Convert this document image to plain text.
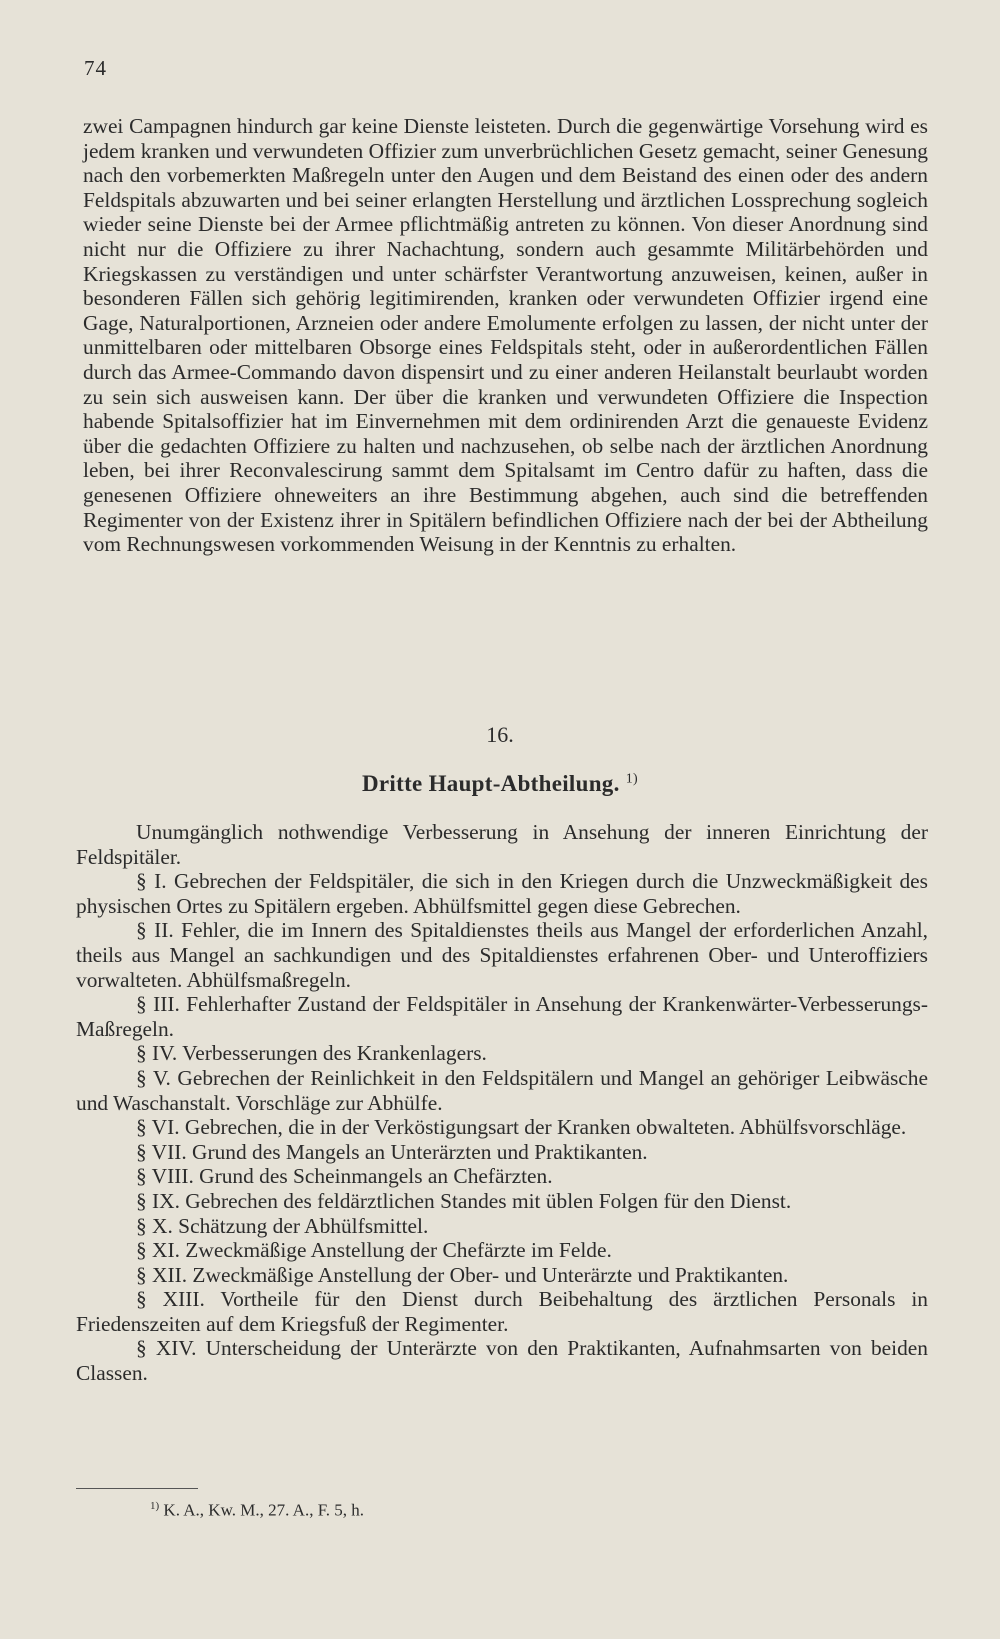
74

zwei Campagnen hindurch gar keine Dienste leisteten. Durch die gegenwärtige Vorsehung wird es jedem kranken und verwundeten Offizier zum unverbrüchlichen Gesetz gemacht, seiner Genesung nach den vorbemerkten Maßregeln unter den Augen und dem Beistand des einen oder des andern Feldspitals abzuwarten und bei seiner erlangten Herstellung und ärztlichen Lossprechung sogleich wieder seine Dienste bei der Armee pflichtmäßig antreten zu können. Von dieser Anordnung sind nicht nur die Offiziere zu ihrer Nachachtung, sondern auch gesammte Militärbehörden und Kriegskassen zu verständigen und unter schärfster Verantwortung anzuweisen, keinen, außer in besonderen Fällen sich gehörig legitimirenden, kranken oder verwundeten Offizier irgend eine Gage, Naturalportionen, Arzneien oder andere Emolumente erfolgen zu lassen, der nicht unter der unmittelbaren oder mittelbaren Obsorge eines Feldspitals steht, oder in außerordentlichen Fällen durch das Armee-Commando davon dispensirt und zu einer anderen Heilanstalt beurlaubt worden zu sein sich ausweisen kann. Der über die kranken und verwundeten Offiziere die Inspection habende Spitalsoffizier hat im Einvernehmen mit dem ordinirenden Arzt die genaueste Evidenz über die gedachten Offiziere zu halten und nachzusehen, ob selbe nach der ärztlichen Anordnung leben, bei ihrer Reconvalescirung sammt dem Spitalsamt im Centro dafür zu haften, dass die genesenen Offiziere ohneweiters an ihre Bestimmung abgehen, auch sind die betreffenden Regimenter von der Existenz ihrer in Spitälern befindlichen Offiziere nach der bei der Abtheilung vom Rechnungswesen vorkommenden Weisung in der Kenntnis zu erhalten.

16.
Dritte Haupt-Abtheilung. $^{1)}$

Unumgänglich nothwendige Verbesserung in Ansehung der inneren Einrichtung der Feldspitäler.

§ I. Gebrechen der Feldspitäler, die sich in den Kriegen durch die Unzweckmäßigkeit des physischen Ortes zu Spitälern ergeben. Abhülfsmittel gegen diese Gebrechen.

§ II. Fehler, die im Innern des Spitaldienstes theils aus Mangel der erforderlichen Anzahl, theils aus Mangel an sachkundigen und des Spitaldienstes erfahrenen Ober- und Unteroffiziers vorwalteten. Abhülfsmaßregeln.

§ III. Fehlerhafter Zustand der Feldspitäler in Ansehung der Krankenwärter-Verbesserungs-Maßregeln.

§ IV. Verbesserungen des Krankenlagers.

§ V. Gebrechen der Reinlichkeit in den Feldspitälern und Mangel an gehöriger Leibwäsche und Waschanstalt. Vorschläge zur Abhülfe.

§ VI. Gebrechen, die in der Verköstigungsart der Kranken obwalteten. Abhülfsvorschläge.

§ VII. Grund des Mangels an Unterärzten und Praktikanten.

§ VIII. Grund des Scheinmangels an Chefärzten.

§ IX. Gebrechen des feldärztlichen Standes mit üblen Folgen für den Dienst.

§ X. Schätzung der Abhülfsmittel.

§ XI. Zweckmäßige Anstellung der Chefärzte im Felde.

§ XII. Zweckmäßige Anstellung der Ober- und Unterärzte und Praktikanten.

§ XIII. Vortheile für den Dienst durch Beibehaltung des ärztlichen Personals in Friedenszeiten auf dem Kriegsfuß der Regimenter.

§ XIV. Unterscheidung der Unterärzte von den Praktikanten, Aufnahmsarten von beiden Classen.

$^{1)}$ K. A., Kw. M., 27. A., F. 5, h.
